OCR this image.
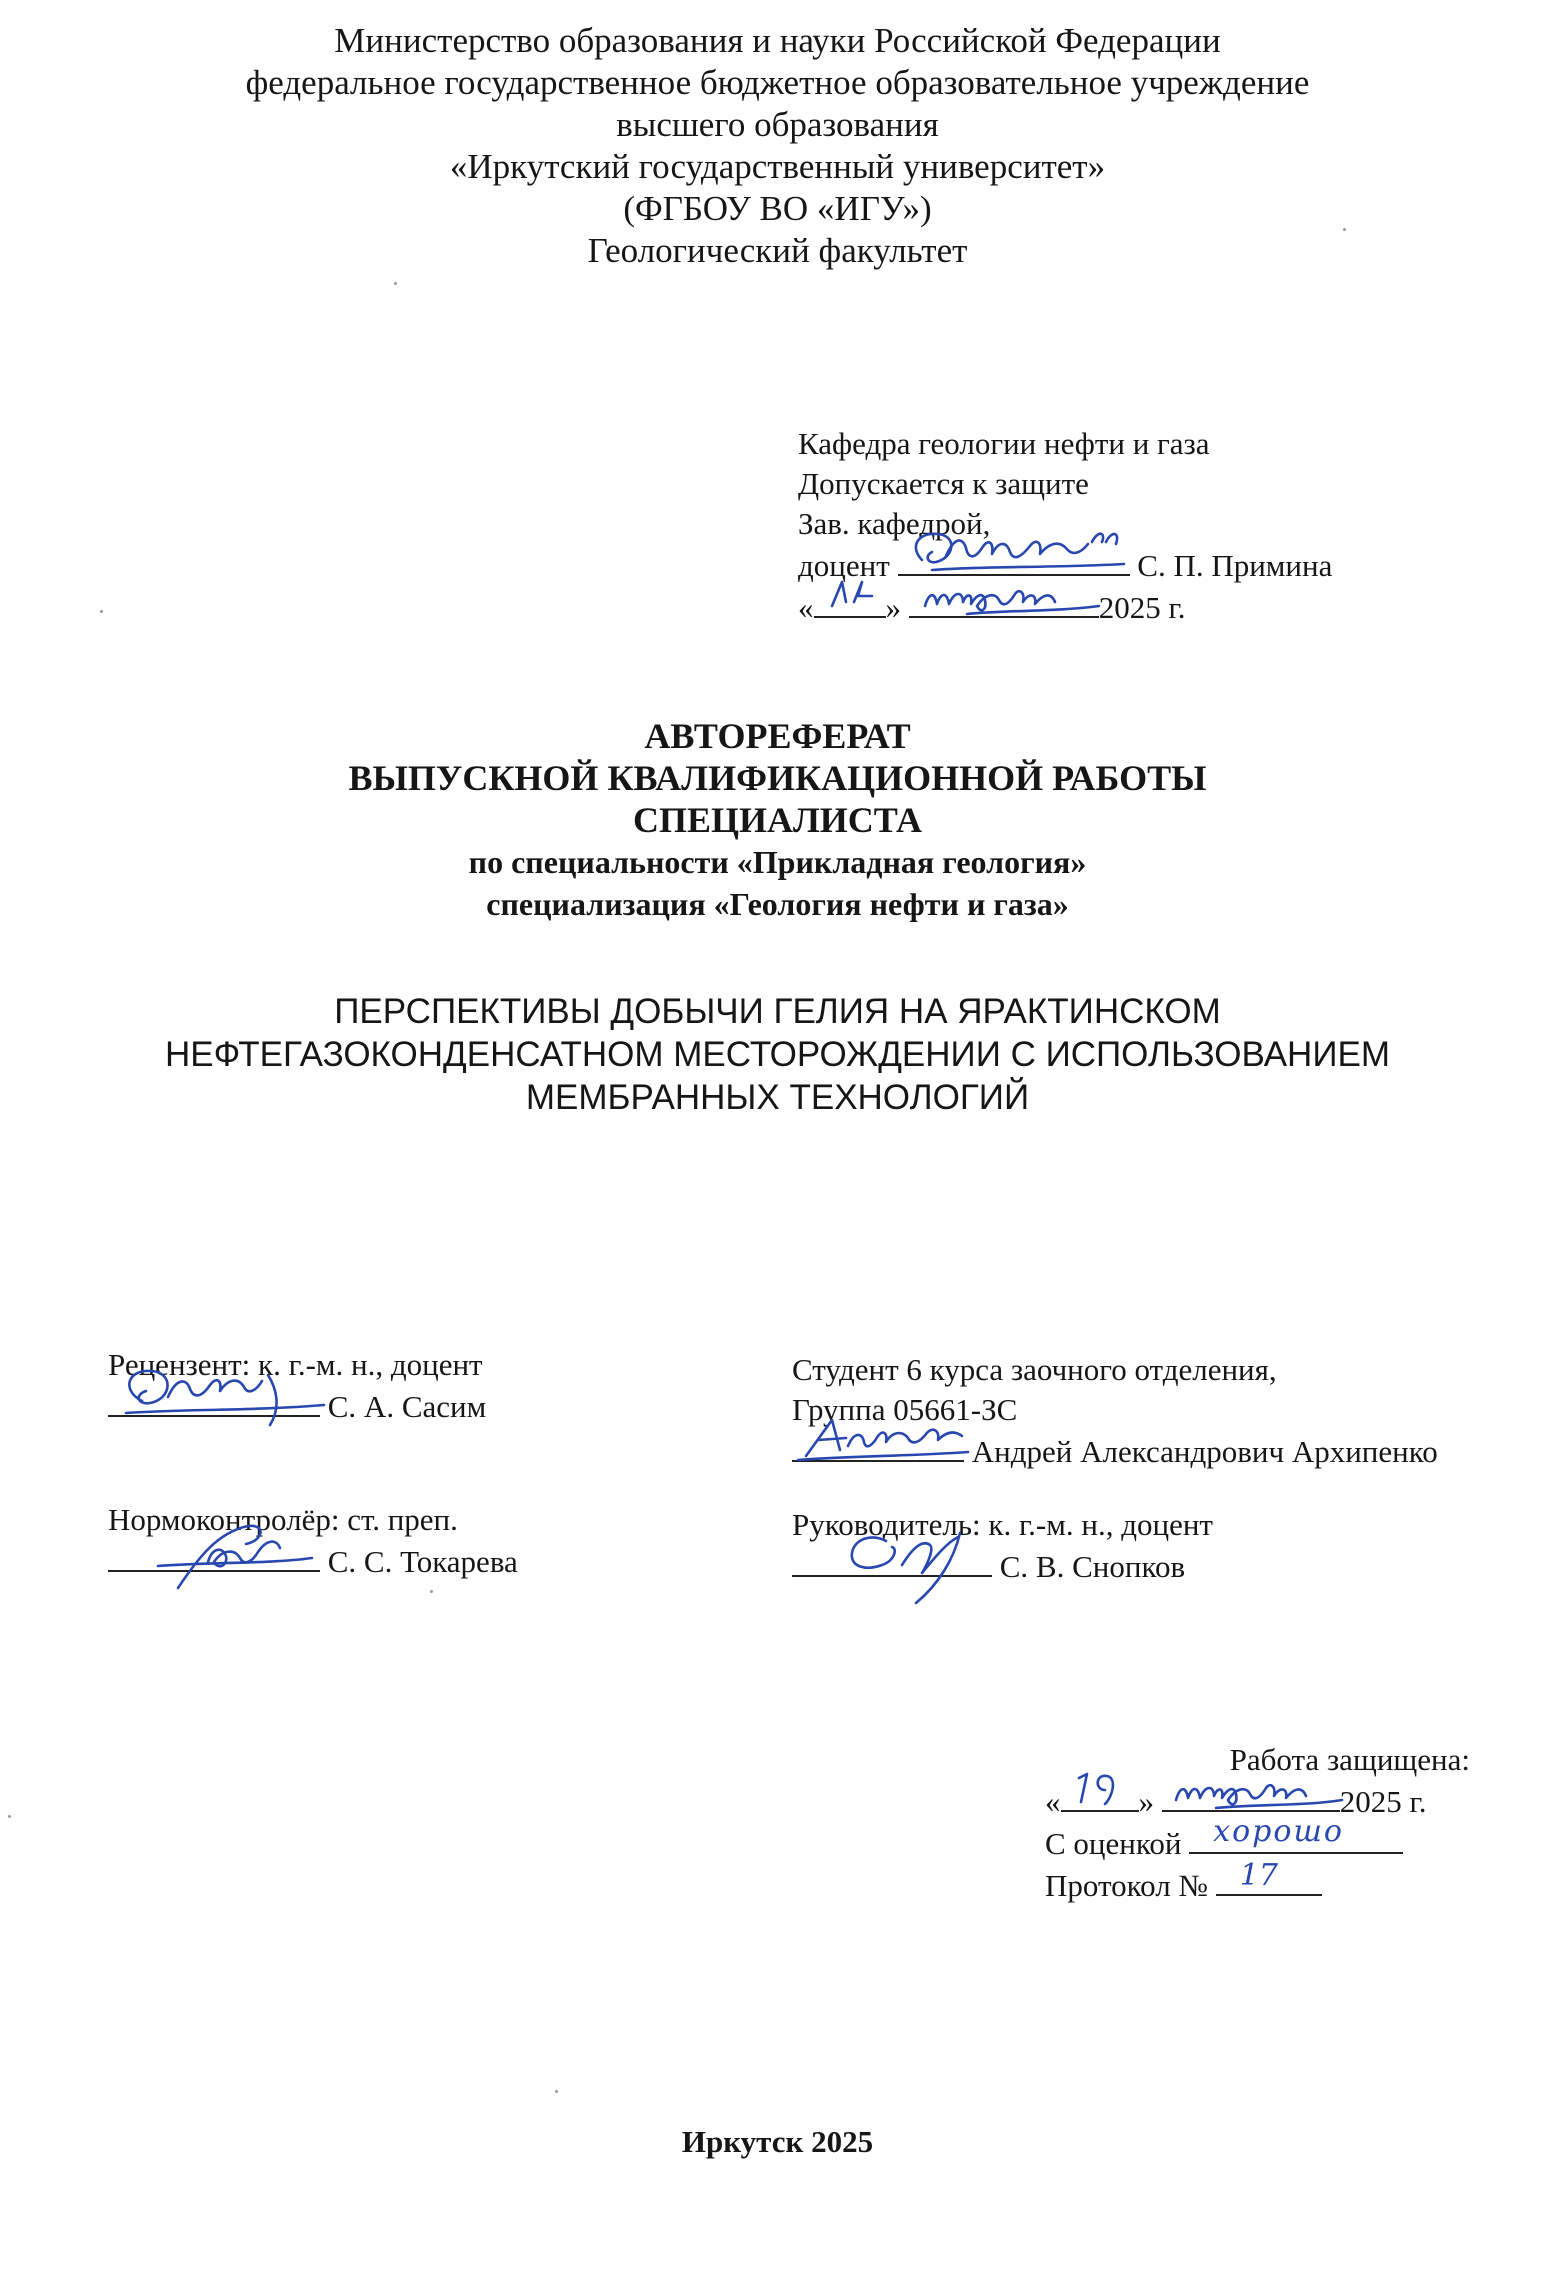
Министерство образования и науки Российской Федерации
федеральное государственное бюджетное образовательное учреждение
высшего образования
«Иркутский государственный университет»
(ФГБОУ ВО «ИГУ»)
Геологический факультет
Кафедра геологии нефти и газа
Допускается к защите
Зав. кафедрой,
доцент	С. П. Примина
« »	2025 г.
АВТОРЕФЕРАТ
ВЫПУСКНОЙ КВАЛИФИКАЦИОННОЙ РАБОТЫ
СПЕЦИАЛИСТА
по специальности «Прикладная геология»
специализация «Геология нефти и газа»
ПЕРСПЕКТИВЫ ДОБЫЧИ ГЕЛИЯ НА ЯРАКТИНСКОМ
НЕФТЕГАЗОКОНДЕНСАТНОМ МЕСТОРОЖДЕНИИ С ИСПОЛЬЗОВАНИЕМ
МЕМБРАННЫХ ТЕХНОЛОГИЙ
Рецензент: к. г.-м. н., доцент
С. А. Сасим
Нормоконтролёр: ст. преп.
С. С. Токарева
Студент 6 курса заочного отделения,
Группа 05661-ЗС
Андрей Александрович Архипенко
Руководитель: к. г.-м. н., доцент
С. В. Снопков
Работа защищена:
«	»	2025 г.
С оценкой хорошо
Протокол № 17
Иркутск 2025
